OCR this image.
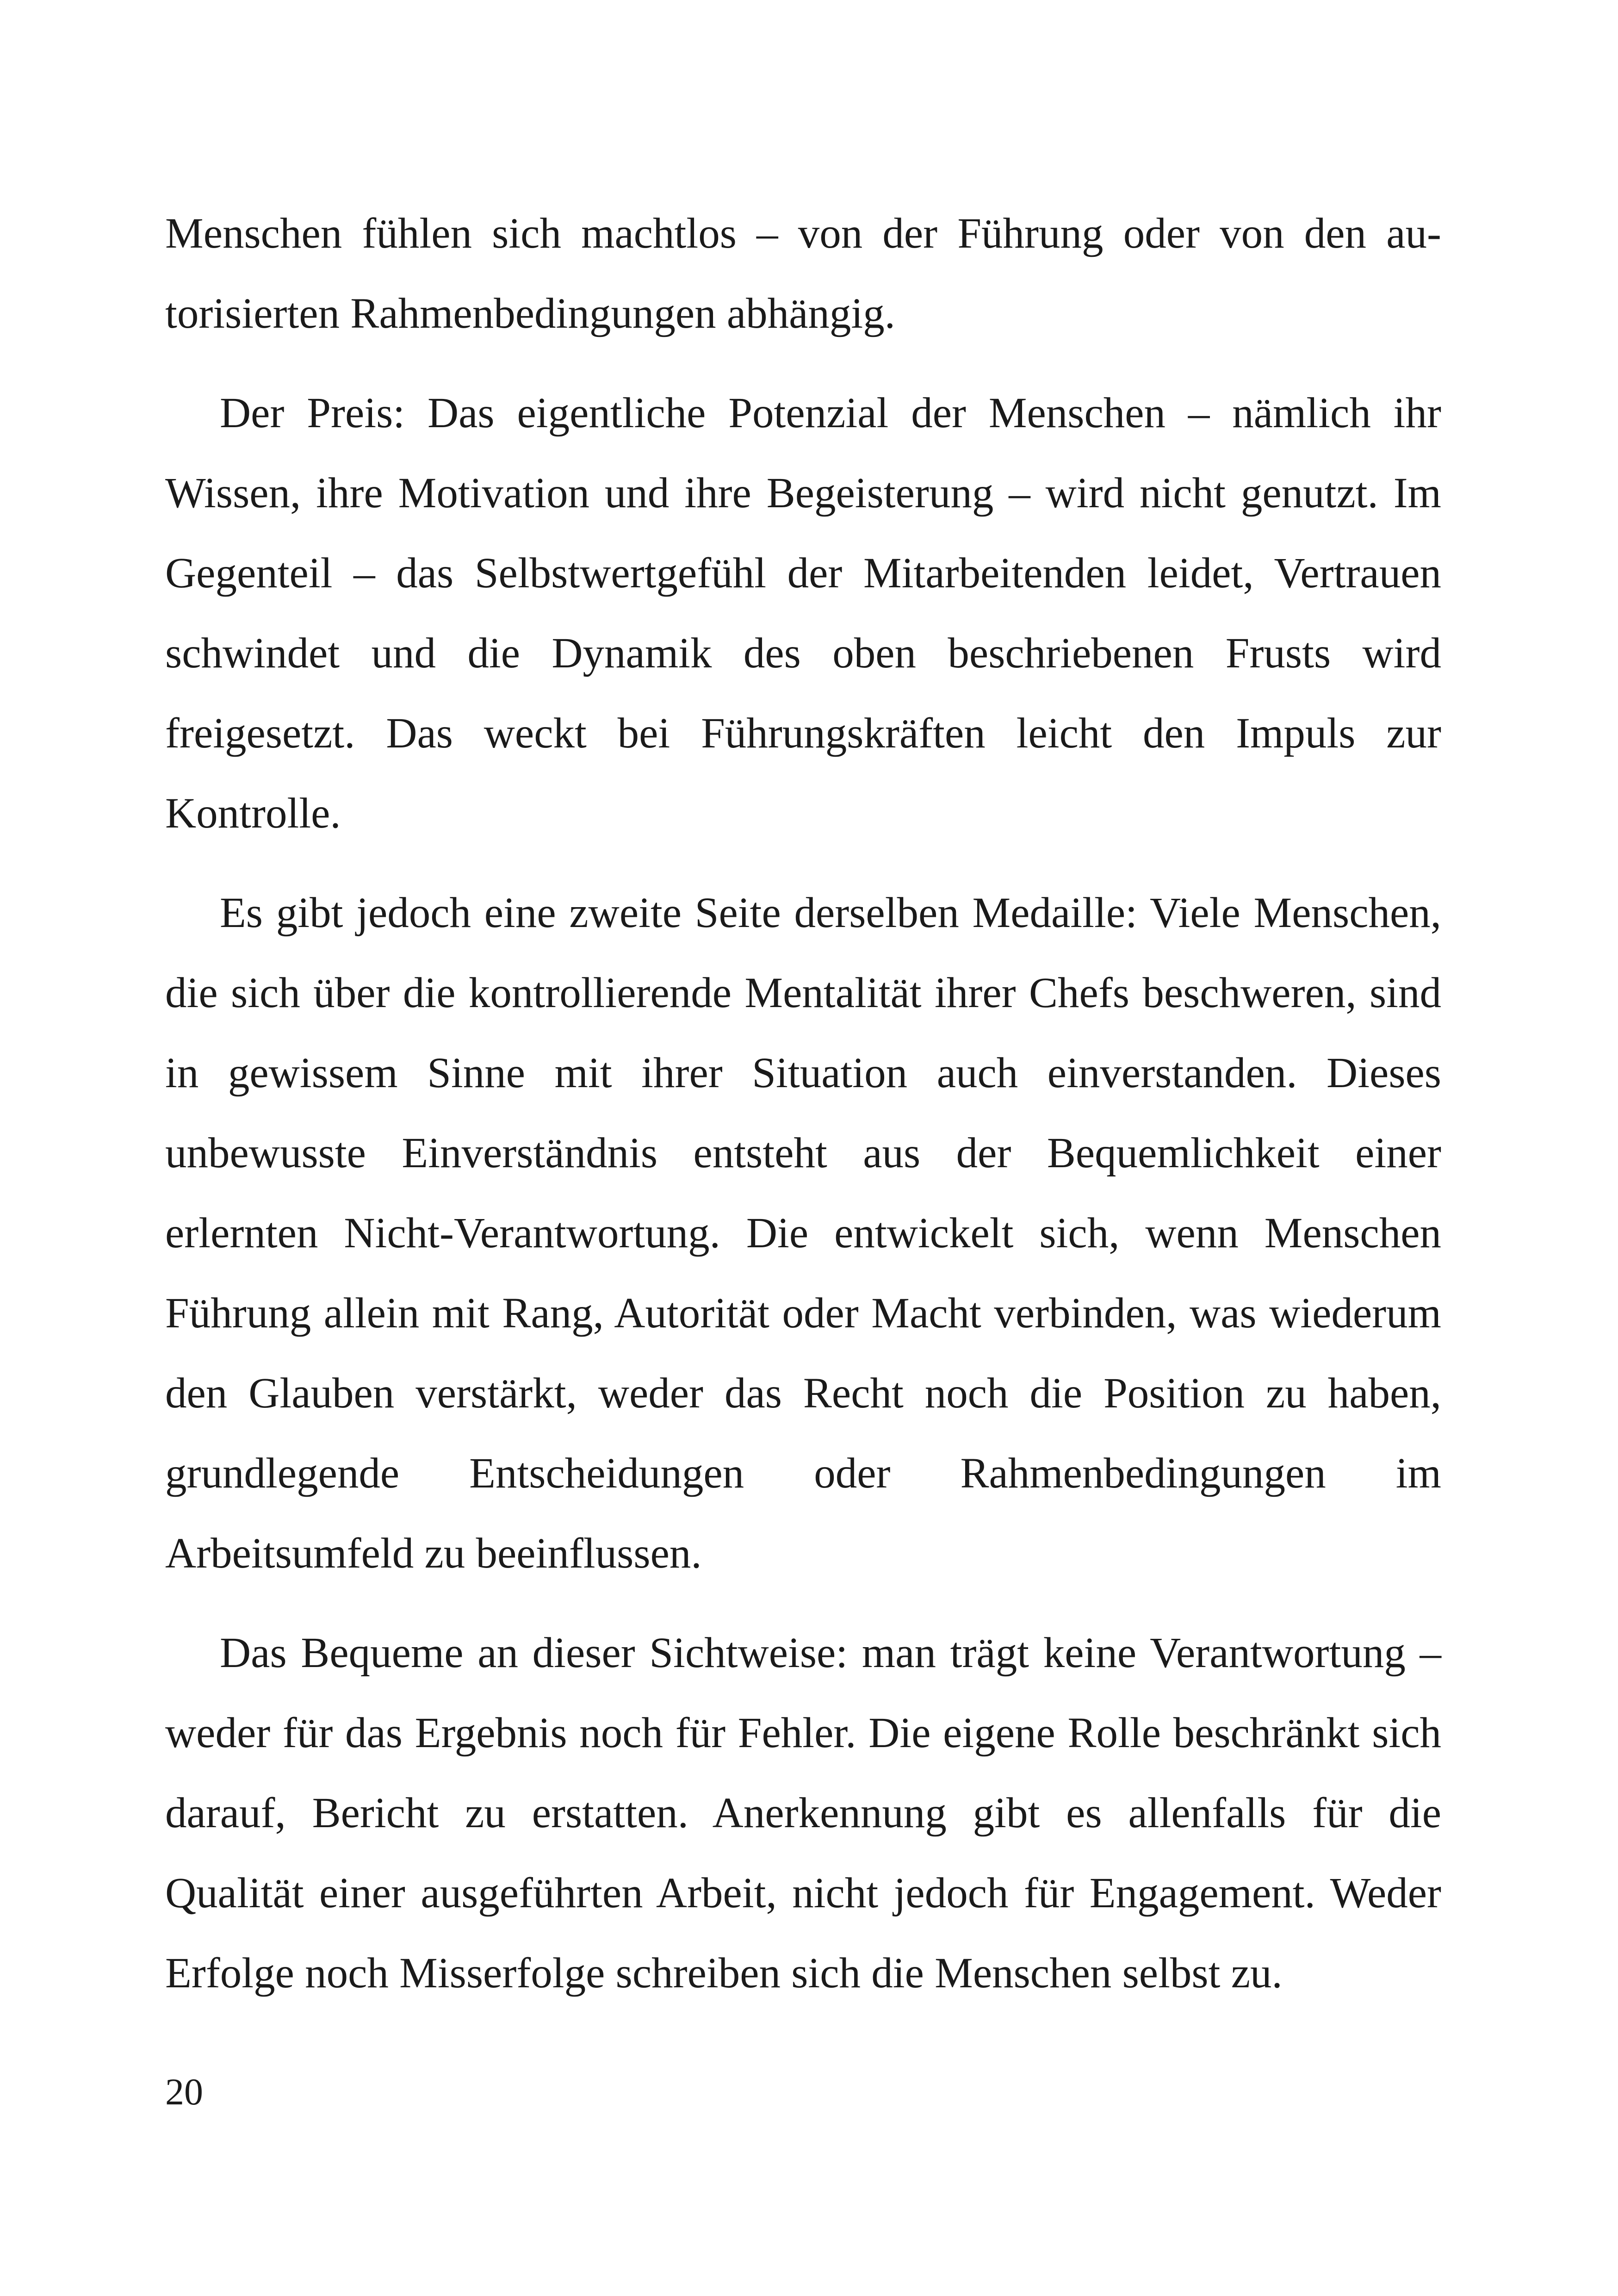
Menschen fühlen sich machtlos – von der Führung oder von den autorisierten Rahmenbedingungen abhängig.

Der Preis: Das eigentliche Potenzial der Menschen – nämlich ihr Wissen, ihre Motivation und ihre Begeisterung – wird nicht genutzt. Im Gegenteil – das Selbstwertgefühl der Mitarbeitenden leidet, Vertrauen schwindet und die Dynamik des oben beschriebenen Frusts wird freigesetzt. Das weckt bei Führungskräften leicht den Impuls zur Kontrolle.

Es gibt jedoch eine zweite Seite derselben Medaille: Viele Menschen, die sich über die kontrollierende Mentalität ihrer Chefs beschweren, sind in gewissem Sinne mit ihrer Situation auch einverstanden. Dieses unbewusste Einverständnis entsteht aus der Bequemlichkeit einer erlernten Nicht-Verantwortung. Die entwickelt sich, wenn Menschen Führung allein mit Rang, Autorität oder Macht verbinden, was wiederum den Glauben verstärkt, weder das Recht noch die Position zu haben, grundlegende Entscheidungen oder Rahmenbedingungen im Arbeitsumfeld zu beeinflussen.

Das Bequeme an dieser Sichtweise: man trägt keine Verantwortung – weder für das Ergebnis noch für Fehler. Die eigene Rolle beschränkt sich darauf, Bericht zu erstatten. Anerkennung gibt es allenfalls für die Qualität einer ausgeführten Arbeit, nicht jedoch für Engagement. Weder Erfolge noch Misserfolge schreiben sich die Menschen selbst zu.

20
